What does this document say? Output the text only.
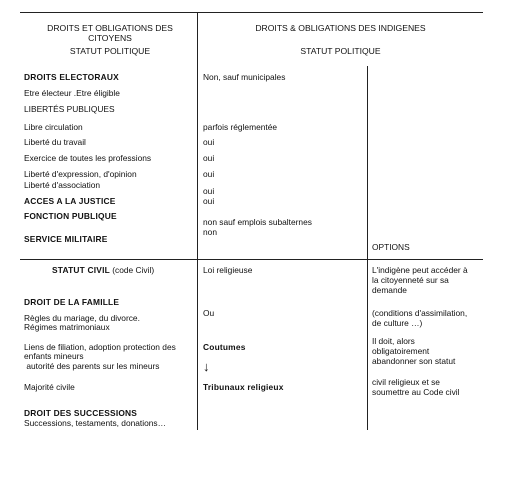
DROITS ET OBLIGATIONS DES CITOYENS
STATUT POLITIQUE
DROITS & OBLIGATIONS DES INDIGENES
STATUT POLITIQUE
DROITS ELECTORAUX
Etre électeur .Etre éligible
LIBERTÉS PUBLIQUES
Libre circulation
Liberté du travail
Exercice de toutes les professions
Liberté d'expression, d'opinion
Liberté d'association
ACCES A LA JUSTICE
FONCTION PUBLIQUE
SERVICE MILITAIRE
Non, sauf municipales
parfois réglementée
oui
oui
oui
oui
oui
non sauf emplois subalternes
non
OPTIONS
STATUT CIVIL (code Civil)
DROIT DE LA FAMILLE
Règles du mariage, du divorce.
Régimes matrimoniaux
Liens de filiation, adoption protection des
enfants mineurs
autorité des parents sur les mineurs
Majorité civile
DROIT DES SUCCESSIONS
Successions, testaments, donations…
Loi religieuse
Ou
Coutumes
↓
Tribunaux religieux
L'indigène peut accéder à
la citoyenneté sur sa
demande
(conditions d'assimilation,
de culture …)
Il doit, alors
obligatoirement
abandonner son statut
civil religieux et se
soumettre au Code civil
